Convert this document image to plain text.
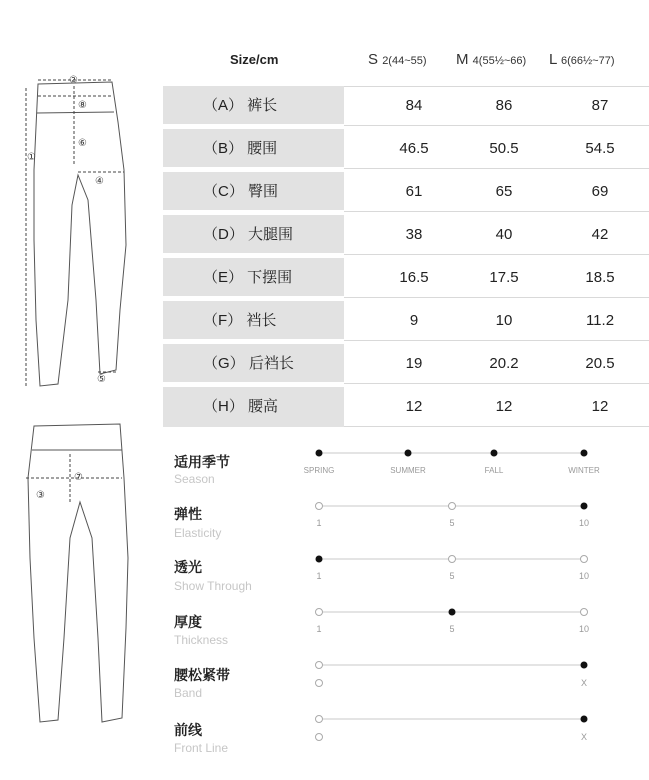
②
⑧
⑥
①
④
⑤
⑦
③
Size/cm	S 2(44~55) M 4(55½~66) L 6(66½~77)
（A） 裤长	84	86	87
（B） 腰围	46.5	50.5	54.5
（C） 臀围	61	65	69
（D） 大腿围	38	40	42
（E） 下摆围	16.5	17.5	18.5
（F） 裆长	9	10	11.2
（G） 后裆长	19	20.2	20.5
（H） 腰高	12	12	12
适用季节
Season
SPRING	SUMMER	FALL	WINTER
弹性
Elasticity
1	5	10
透光
Show Through
1	5	10
厚度
Thickness
1	5	10
腰松紧带
Band
X
前线
Front Line
X
